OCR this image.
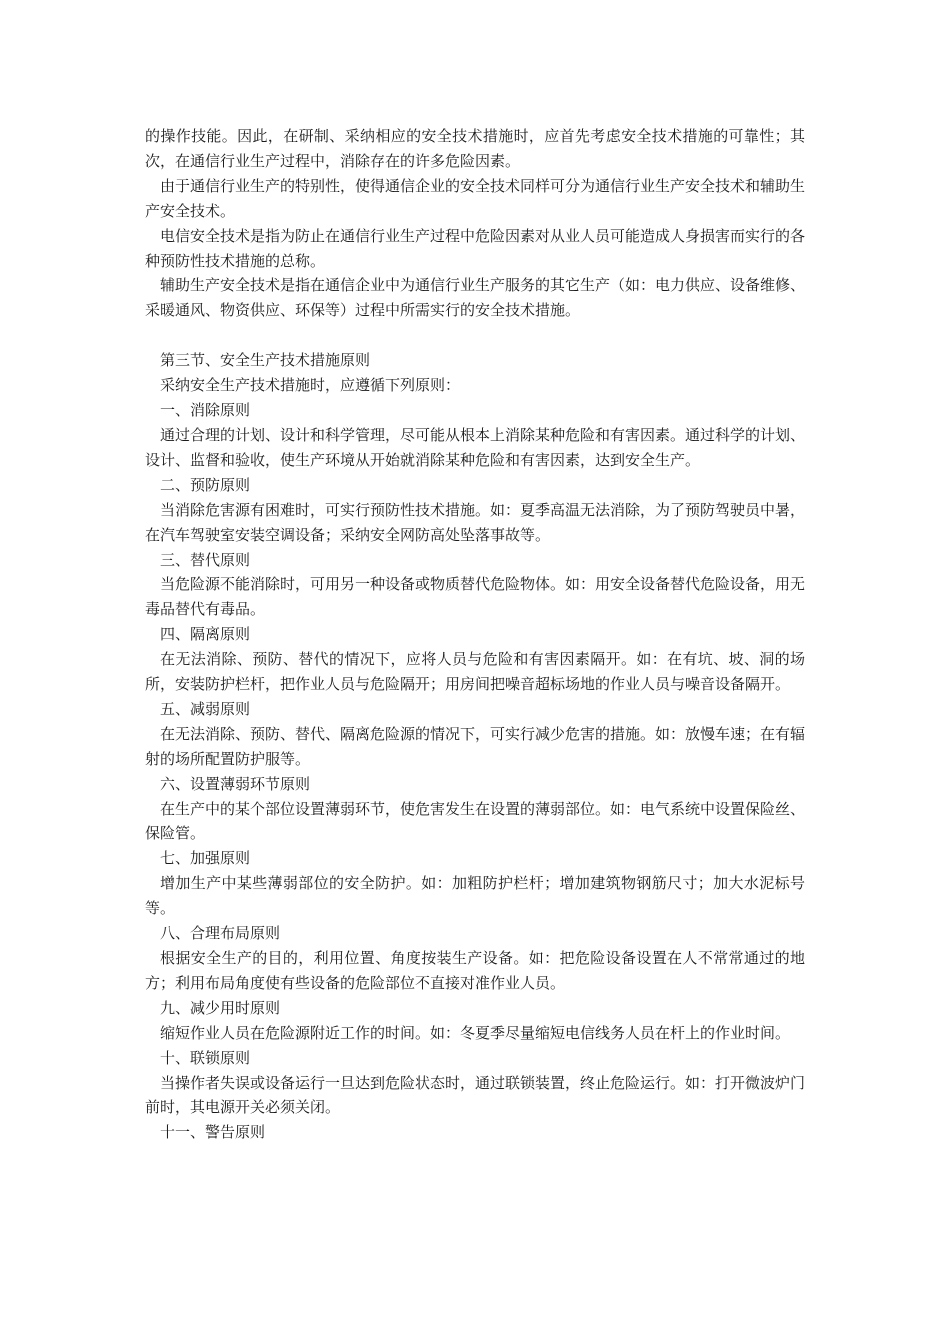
的操作技能。因此，在研制、采纳相应的安全技术措施时，应首先考虑安全技术措施的可靠性；其次，在通信行业生产过程中，消除存在的许多危险因素。

由于通信行业生产的特别性，使得通信企业的安全技术同样可分为通信行业生产安全技术和辅助生产安全技术。

电信安全技术是指为防止在通信行业生产过程中危险因素对从业人员可能造成人身损害而实行的各种预防性技术措施的总称。

辅助生产安全技术是指在通信企业中为通信行业生产服务的其它生产（如：电力供应、设备维修、采暖通风、物资供应、环保等）过程中所需实行的安全技术措施。

第三节、安全生产技术措施原则

采纳安全生产技术措施时，应遵循下列原则：

一、消除原则

通过合理的计划、设计和科学管理，尽可能从根本上消除某种危险和有害因素。通过科学的计划、设计、监督和验收，使生产环境从开始就消除某种危险和有害因素，达到安全生产。

二、预防原则

当消除危害源有困难时，可实行预防性技术措施。如：夏季高温无法消除，为了预防驾驶员中暑，在汽车驾驶室安装空调设备；采纳安全网防高处坠落事故等。

三、替代原则

当危险源不能消除时，可用另一种设备或物质替代危险物体。如：用安全设备替代危险设备，用无毒品替代有毒品。

四、隔离原则

在无法消除、预防、替代的情况下，应将人员与危险和有害因素隔开。如：在有坑、坡、洞的场所，安装防护栏杆，把作业人员与危险隔开；用房间把噪音超标场地的作业人员与噪音设备隔开。

五、减弱原则

在无法消除、预防、替代、隔离危险源的情况下，可实行减少危害的措施。如：放慢车速；在有辐射的场所配置防护服等。

六、设置薄弱环节原则

在生产中的某个部位设置薄弱环节，使危害发生在设置的薄弱部位。如：电气系统中设置保险丝、保险管。

七、加强原则

增加生产中某些薄弱部位的安全防护。如：加粗防护栏杆；增加建筑物钢筋尺寸；加大水泥标号等。

八、合理布局原则

根据安全生产的目的，利用位置、角度按装生产设备。如：把危险设备设置在人不常常通过的地方；利用布局角度使有些设备的危险部位不直接对准作业人员。

九、减少用时原则

缩短作业人员在危险源附近工作的时间。如：冬夏季尽量缩短电信线务人员在杆上的作业时间。

十、联锁原则

当操作者失误或设备运行一旦达到危险状态时，通过联锁装置，终止危险运行。如：打开微波炉门前时，其电源开关必须关闭。

十一、警告原则
